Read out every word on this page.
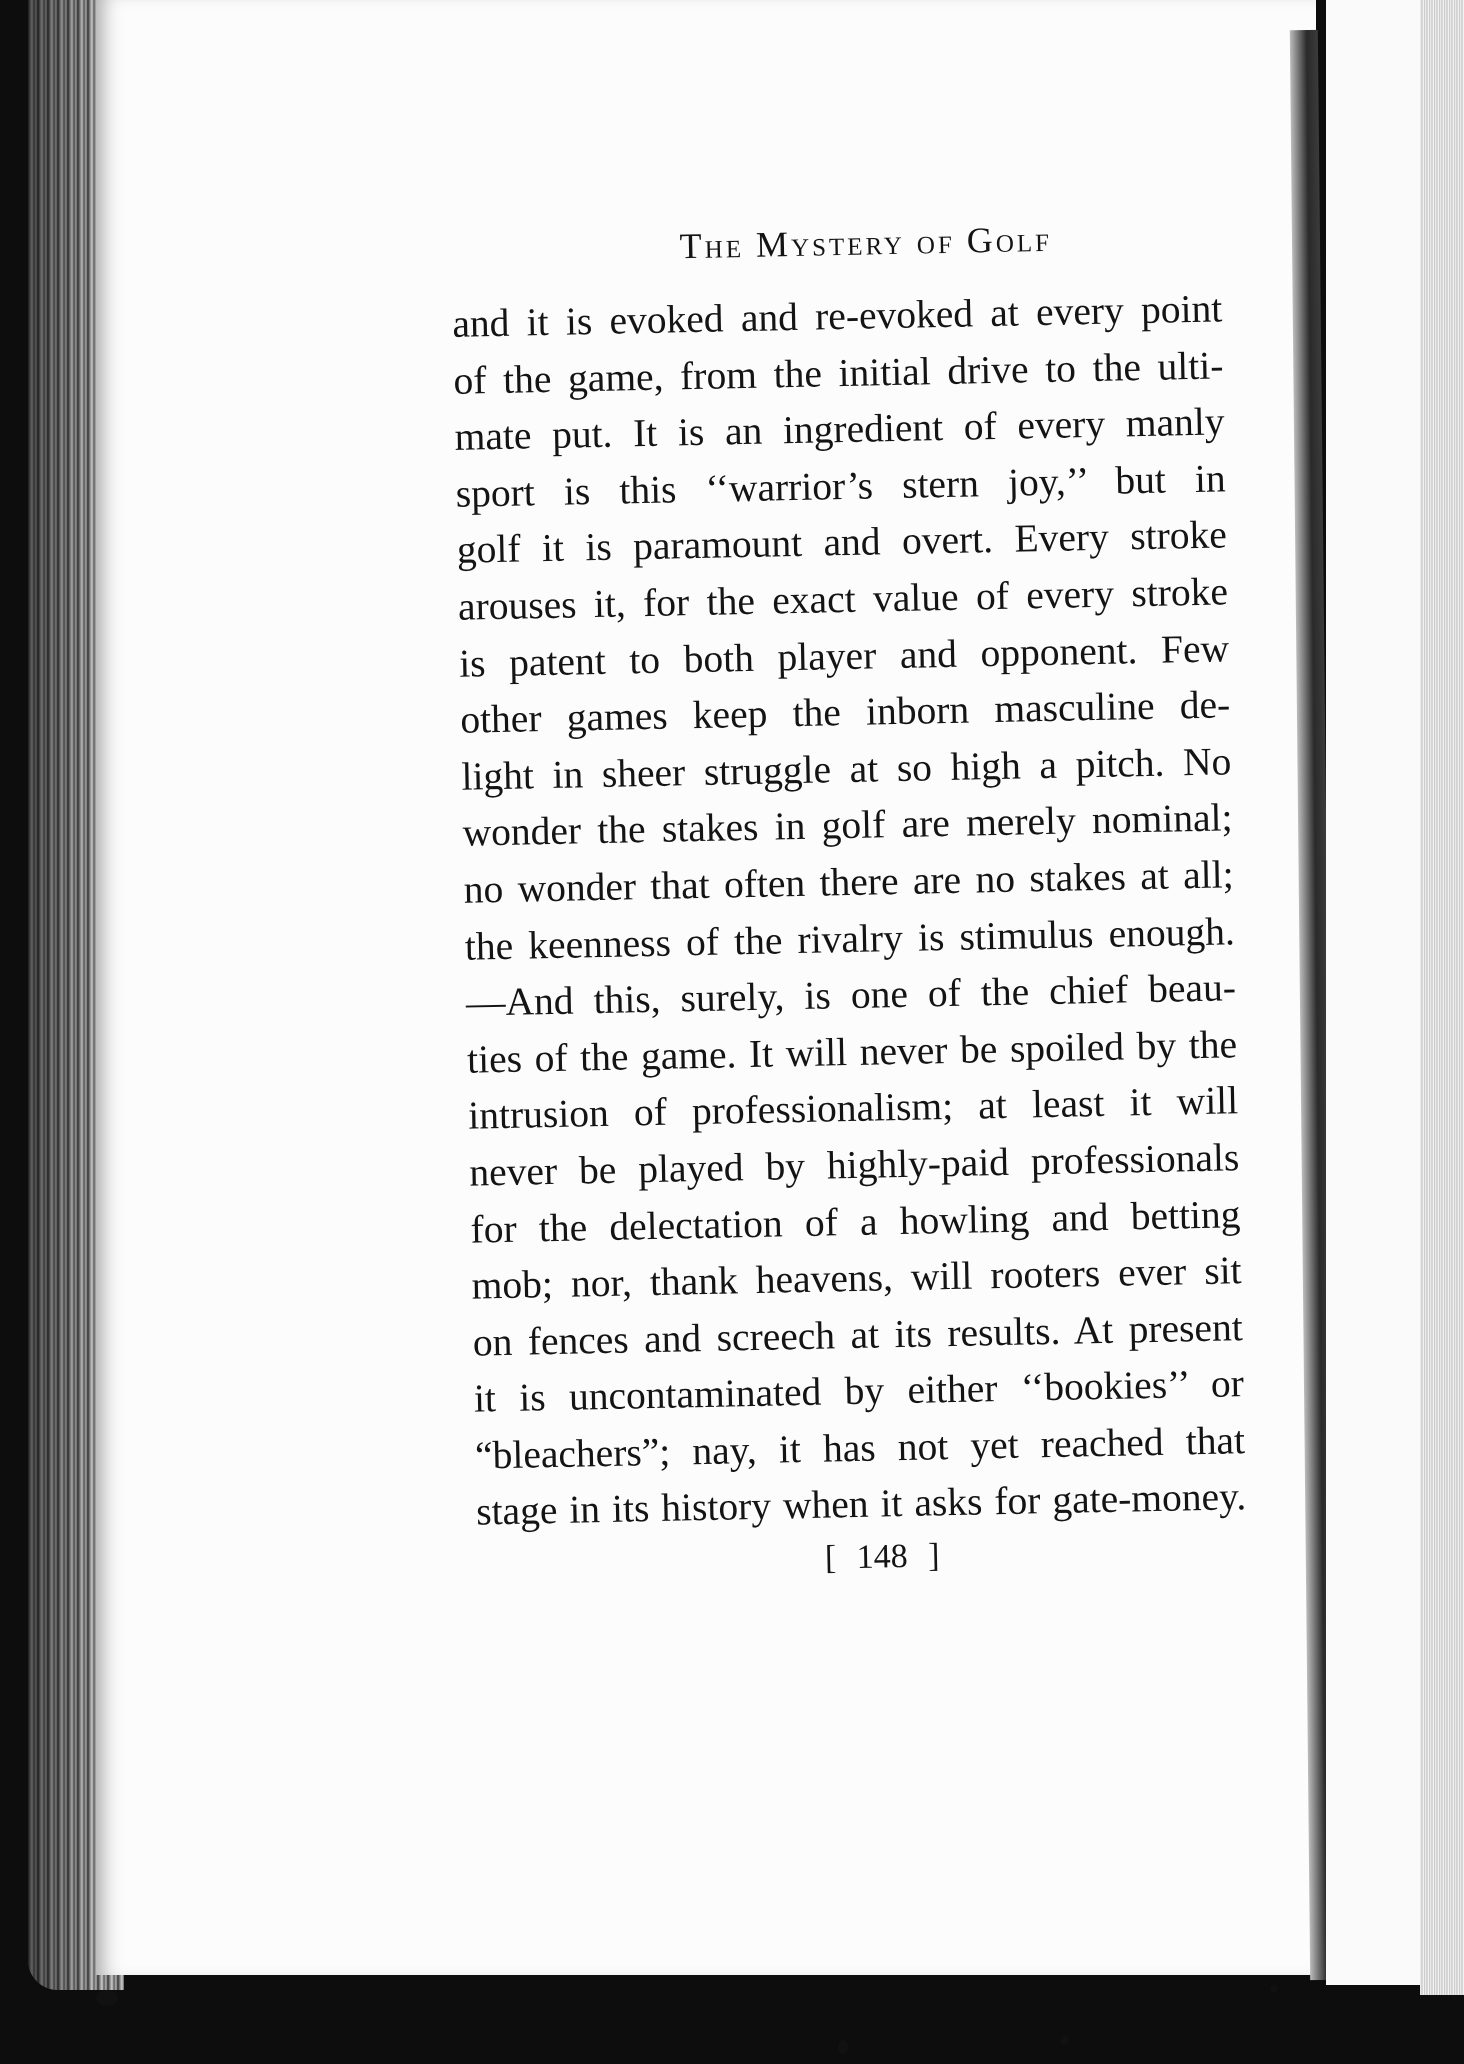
The Mystery of Golf
and it is evoked and re-evoked at every point
of the game, from the initial drive to the ulti-
mate put. It is an ingredient of every manly
sport is this ‘‘warrior’s stern joy,’’ but in
golf it is paramount and overt. Every stroke
arouses it, for the exact value of every stroke
is patent to both player and opponent. Few
other games keep the inborn masculine de-
light in sheer struggle at so high a pitch. No
wonder the stakes in golf are merely nominal;
no wonder that often there are no stakes at all;
the keenness of the rivalry is stimulus enough.
—And this, surely, is one of the chief beau-
ties of the game. It will never be spoiled by the
intrusion of professionalism; at least it will
never be played by highly-paid professionals
for the delectation of a howling and betting
mob; nor, thank heavens, will rooters ever sit
on fences and screech at its results. At present
it is uncontaminated by either ‘‘bookies’’ or
“bleachers”; nay, it has not yet reached that
stage in its history when it asks for gate-money.
[ 148 ]
